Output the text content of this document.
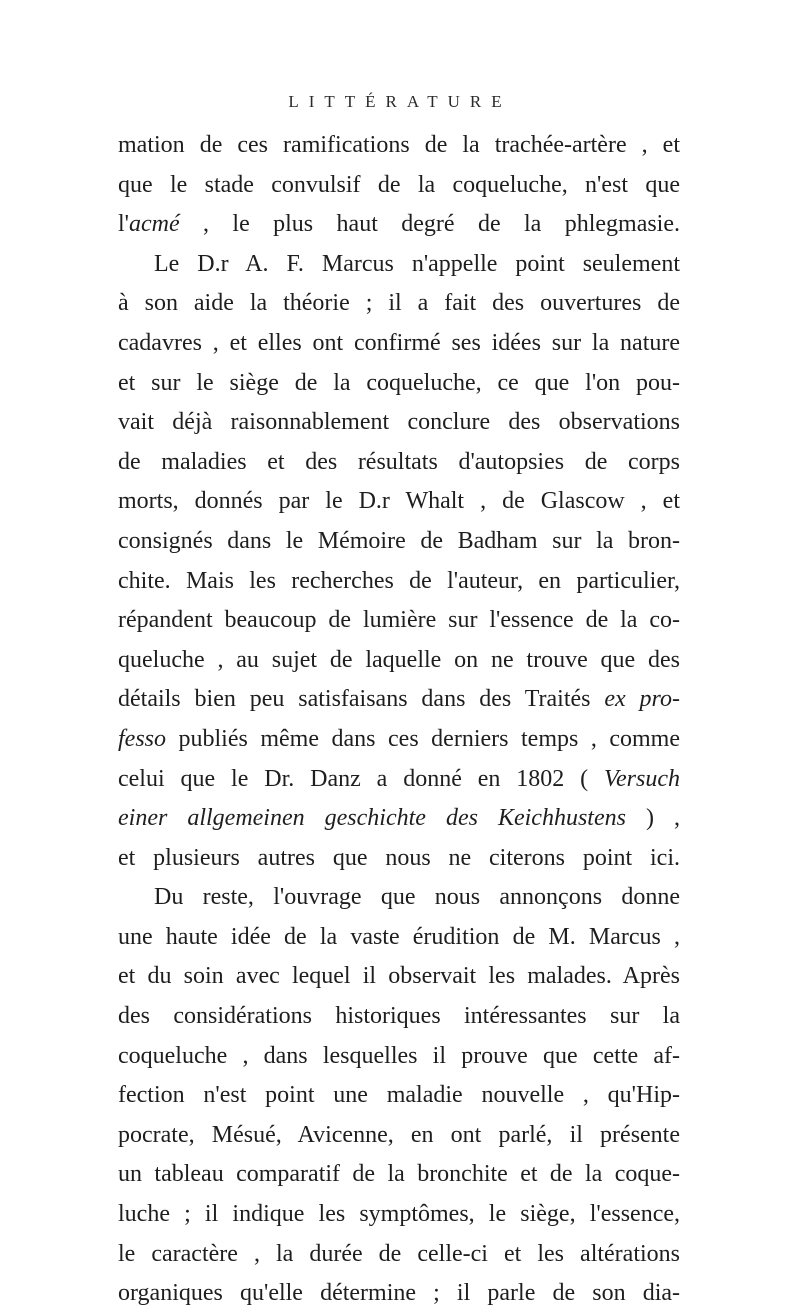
LITTÉRATURE
mation de ces ramifications de la trachée-artère , et
que le stade convulsif de la coqueluche, n'est que
l'acmé , le plus haut degré de la phlegmasie.
Le D.r A. F. Marcus n'appelle point seulement
à son aide la théorie ; il a fait des ouvertures de
cadavres , et elles ont confirmé ses idées sur la nature
et sur le siège de la coqueluche, ce que l'on pou-
vait déjà raisonnablement conclure des observations
de maladies et des résultats d'autopsies de corps
morts, donnés par le D.r Whalt , de Glascow , et
consignés dans le Mémoire de Badham sur la bron-
chite. Mais les recherches de l'auteur, en particulier,
répandent beaucoup de lumière sur l'essence de la co-
queluche , au sujet de laquelle on ne trouve que des
détails bien peu satisfaisans dans des Traités ex pro-
fesso publiés même dans ces derniers temps , comme
celui que le Dr. Danz a donné en 1802 ( Versuch
einer allgemeinen geschichte des Keichhustens ) ,
et plusieurs autres que nous ne citerons point ici.
Du reste, l'ouvrage que nous annonçons donne
une haute idée de la vaste érudition de M. Marcus ,
et du soin avec lequel il observait les malades. Après
des considérations historiques intéressantes sur la
coqueluche , dans lesquelles il prouve que cette af-
fection n'est point une maladie nouvelle , qu'Hip-
pocrate, Mésué, Avicenne, en ont parlé, il présente
un tableau comparatif de la bronchite et de la coque-
luche ; il indique les symptômes, le siège, l'essence,
le caractère , la durée de celle-ci et les altérations
organiques qu'elle détermine ; il parle de son dia-
